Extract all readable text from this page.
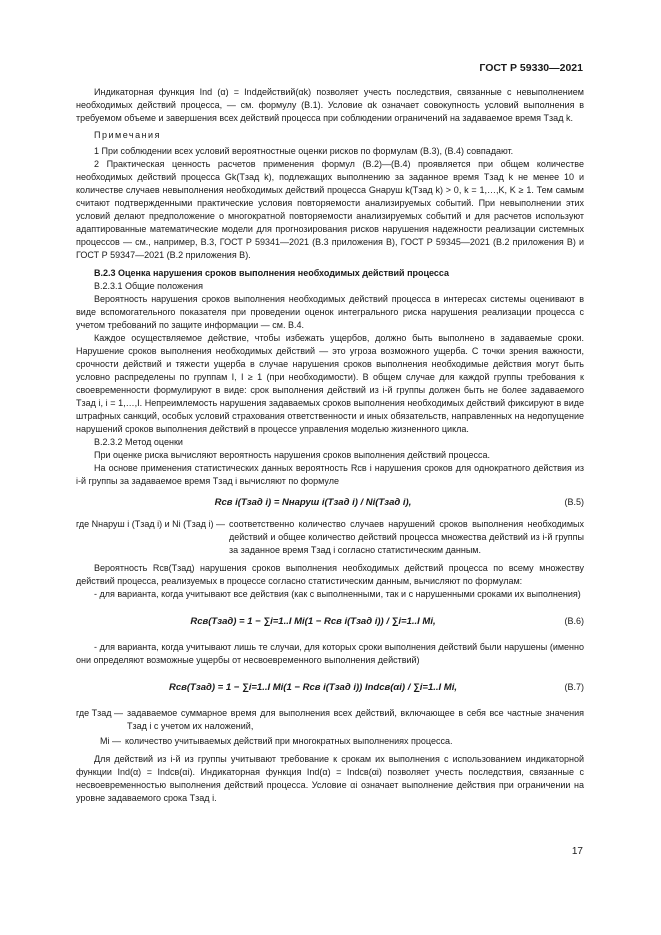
ГОСТ Р 59330—2021

Индикаторная функция Ind (α) = Indдействий(αk) позволяет учесть последствия, связанные с невыполнением необходимых действий процесса, — см. формулу (В.1). Условие αk означает совокупность условий выполнения в требуемом объеме и завершения всех действий процесса при соблюдении ограничений на задаваемое время Tзад k.

Примечания

1 При соблюдении всех условий вероятностные оценки рисков по формулам (В.3), (В.4) совпадают.

2 Практическая ценность расчетов применения формул (В.2)—(В.4) проявляется при общем количестве необходимых действий процесса Gk(Tзад k), подлежащих выполнению за заданное время Tзад k не менее 10 и количестве случаев невыполнения необходимых действий процесса Gнаруш k(Tзад k) > 0, k = 1,…,K, K ≥ 1. Тем самым считают подтвержденными практические условия повторяемости анализируемых событий. При невыполнении этих условий делают предположение о многократной повторяемости анализируемых событий и для расчетов используют адаптированные математические модели для прогнозирования рисков нарушения надежности реализации системных процессов — см., например, В.3, ГОСТ Р 59341—2021 (В.3 приложения В), ГОСТ Р 59345—2021 (В.2 приложения В) и ГОСТ Р 59347—2021 (В.2 приложения В).

В.2.3 Оценка нарушения сроков выполнения необходимых действий процесса

В.2.3.1 Общие положения

Вероятность нарушения сроков выполнения необходимых действий процесса в интересах системы оценивают в виде вспомогательного показателя при проведении оценок интегрального риска нарушения реализации процесса с учетом требований по защите информации — см. В.4.

Каждое осуществляемое действие, чтобы избежать ущербов, должно быть выполнено в задаваемые сроки. Нарушение сроков выполнения необходимых действий — это угроза возможного ущерба. С точки зрения важности, срочности действий и тяжести ущерба в случае нарушения сроков выполнения необходимые действия могут быть условно распределены по группам I, I ≥ 1 (при необходимости). В общем случае для каждой группы требования к своевременности формулируют в виде: срок выполнения действий из i-й группы должен быть не более задаваемого Tзад i, i = 1,…,I. Непреимлемость нарушения задаваемых сроков выполнения необходимых действий фиксируют в виде штрафных санкций, особых условий страхования ответственности и иных обязательств, направленных на недопущение нарушений сроков выполнения действий в процессе управления моделью жизненного цикла.

В.2.3.2 Метод оценки

При оценке риска вычисляют вероятность нарушения сроков выполнения действий процесса.

На основе применения статистических данных вероятность Rсв i нарушения сроков для однократного действия из i-й группы за задаваемое время Tзад i вычисляют по формуле

Rсв i(Tзад i) = Nнаруш i(Tзад i) / Ni(Tзад i),	(В.5)
где Nнаруш i (Tзад i) и Ni (Tзад i) — соответственно количество случаев нарушений сроков выполнения необходимых действий и общее количество действий процесса множества действий из i-й группы за заданное время Tзад i согласно статистическим данным.

Вероятность Rсв(Tзад) нарушения сроков выполнения необходимых действий процесса по всему множеству действий процесса, реализуемых в процессе согласно статистическим данным, вычисляют по формулам:

- для варианта, когда учитывают все действия (как с выполненными, так и с нарушенными сроками их выполнения)

Rсв(Tзад) = 1 − ∑i=1..I Mi(1 − Rсв i(Tзад i)) / ∑i=1..I Mi,	(В.6)

- для варианта, когда учитывают лишь те случаи, для которых сроки выполнения действий были нарушены (именно они определяют возможные ущербы от несвоевременного выполнения действий)

Rсв(Tзад) = 1 − ∑i=1..I Mi(1 − Rсв i(Tзад i)) Indсв(αi) / ∑i=1..I Mi,	(В.7)
где Tзад — задаваемое суммарное время для выполнения всех действий, включающее в себя все частные значения Tзад i с учетом их наложений,
Mi — количество учитываемых действий при многократных выполнениях процесса.

Для действий из i-й из группы учитывают требование к срокам их выполнения с использованием индикаторной функции Ind(α) = Indсв(αi). Индикаторная функция Ind(α) = Indсв(αi) позволяет учесть последствия, связанные с несвоевременностью выполнения действий процесса. Условие αi означает выполнение действия при ограничении на уровне задаваемого срока Tзад i.

17
